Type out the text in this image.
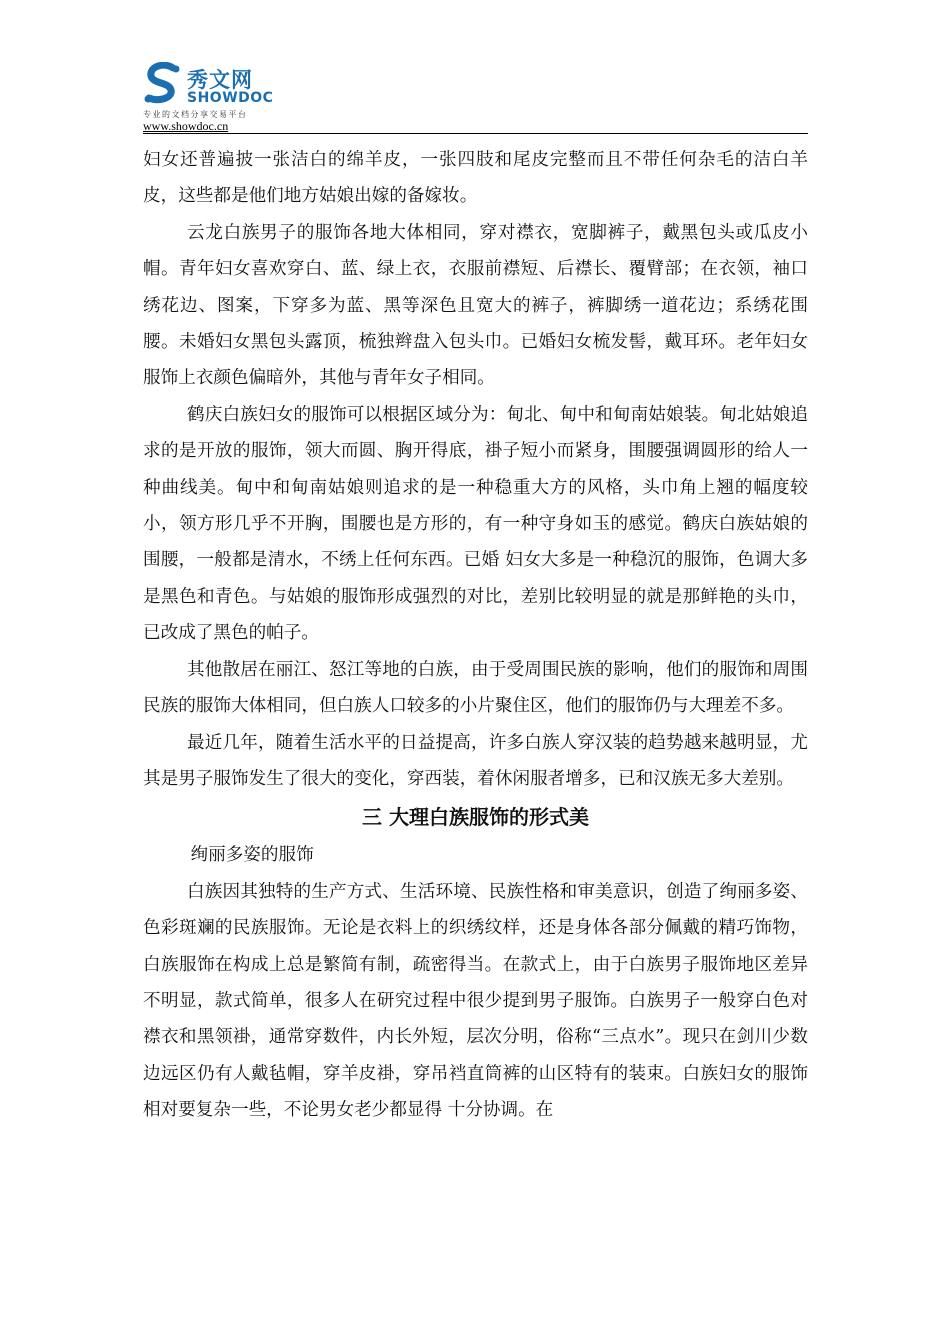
秀文网
SHOWDOC
专业的文档分享交易平台
www.showdoc.cn

妇女还普遍披一张洁白的绵羊皮，一张四肢和尾皮完整而且不带任何杂毛的洁白羊皮，这些都是他们地方姑娘出嫁的备嫁妆。

云龙白族男子的服饰各地大体相同，穿对襟衣，宽脚裤子，戴黑包头或瓜皮小帽。青年妇女喜欢穿白、蓝、绿上衣，衣服前襟短、后襟长、覆臂部；在衣领，袖口绣花边、图案，下穿多为蓝、黑等深色且宽大的裤子，裤脚绣一道花边；系绣花围腰。未婚妇女黑包头露顶，梳独辫盘入包头巾。已婚妇女梳发髻，戴耳环。老年妇女服饰上衣颜色偏暗外，其他与青年女子相同。

鹤庆白族妇女的服饰可以根据区域分为：甸北、甸中和甸南姑娘装。甸北姑娘追求的是开放的服饰，领大而圆、胸开得底，褂子短小而紧身，围腰强调圆形的给人一种曲线美。甸中和甸南姑娘则追求的是一种稳重大方的风格，头巾角上翘的幅度较小，领方形几乎不开胸，围腰也是方形的，有一种守身如玉的感觉。鹤庆白族姑娘的围腰，一般都是清水，不绣上任何东西。已婚 妇女大多是一种稳沉的服饰，色调大多是黑色和青色。与姑娘的服饰形成强烈的对比，差别比较明显的就是那鲜艳的头巾，已改成了黑色的帕子。

其他散居在丽江、怒江等地的白族，由于受周围民族的影响，他们的服饰和周围民族的服饰大体相同，但白族人口较多的小片聚住区，他们的服饰仍与大理差不多。

最近几年，随着生活水平的日益提高，许多白族人穿汉装的趋势越来越明显，尤其是男子服饰发生了很大的变化，穿西装，着休闲服者增多，已和汉族无多大差别。

三 大理白族服饰的形式美

绚丽多姿的服饰

白族因其独特的生产方式、生活环境、民族性格和审美意识，创造了绚丽多姿、色彩斑斓的民族服饰。无论是衣料上的织绣纹样，还是身体各部分佩戴的精巧饰物，白族服饰在构成上总是繁简有制，疏密得当。在款式上，由于白族男子服饰地区差异不明显，款式简单，很多人在研究过程中很少提到男子服饰。白族男子一般穿白色对襟衣和黑领褂，通常穿数件，内长外短，层次分明，俗称“三点水”。现只在剑川少数边远区仍有人戴毡帽，穿羊皮褂，穿吊裆直筒裤的山区特有的装束。白族妇女的服饰相对要复杂一些，不论男女老少都显得 十分协调。在
